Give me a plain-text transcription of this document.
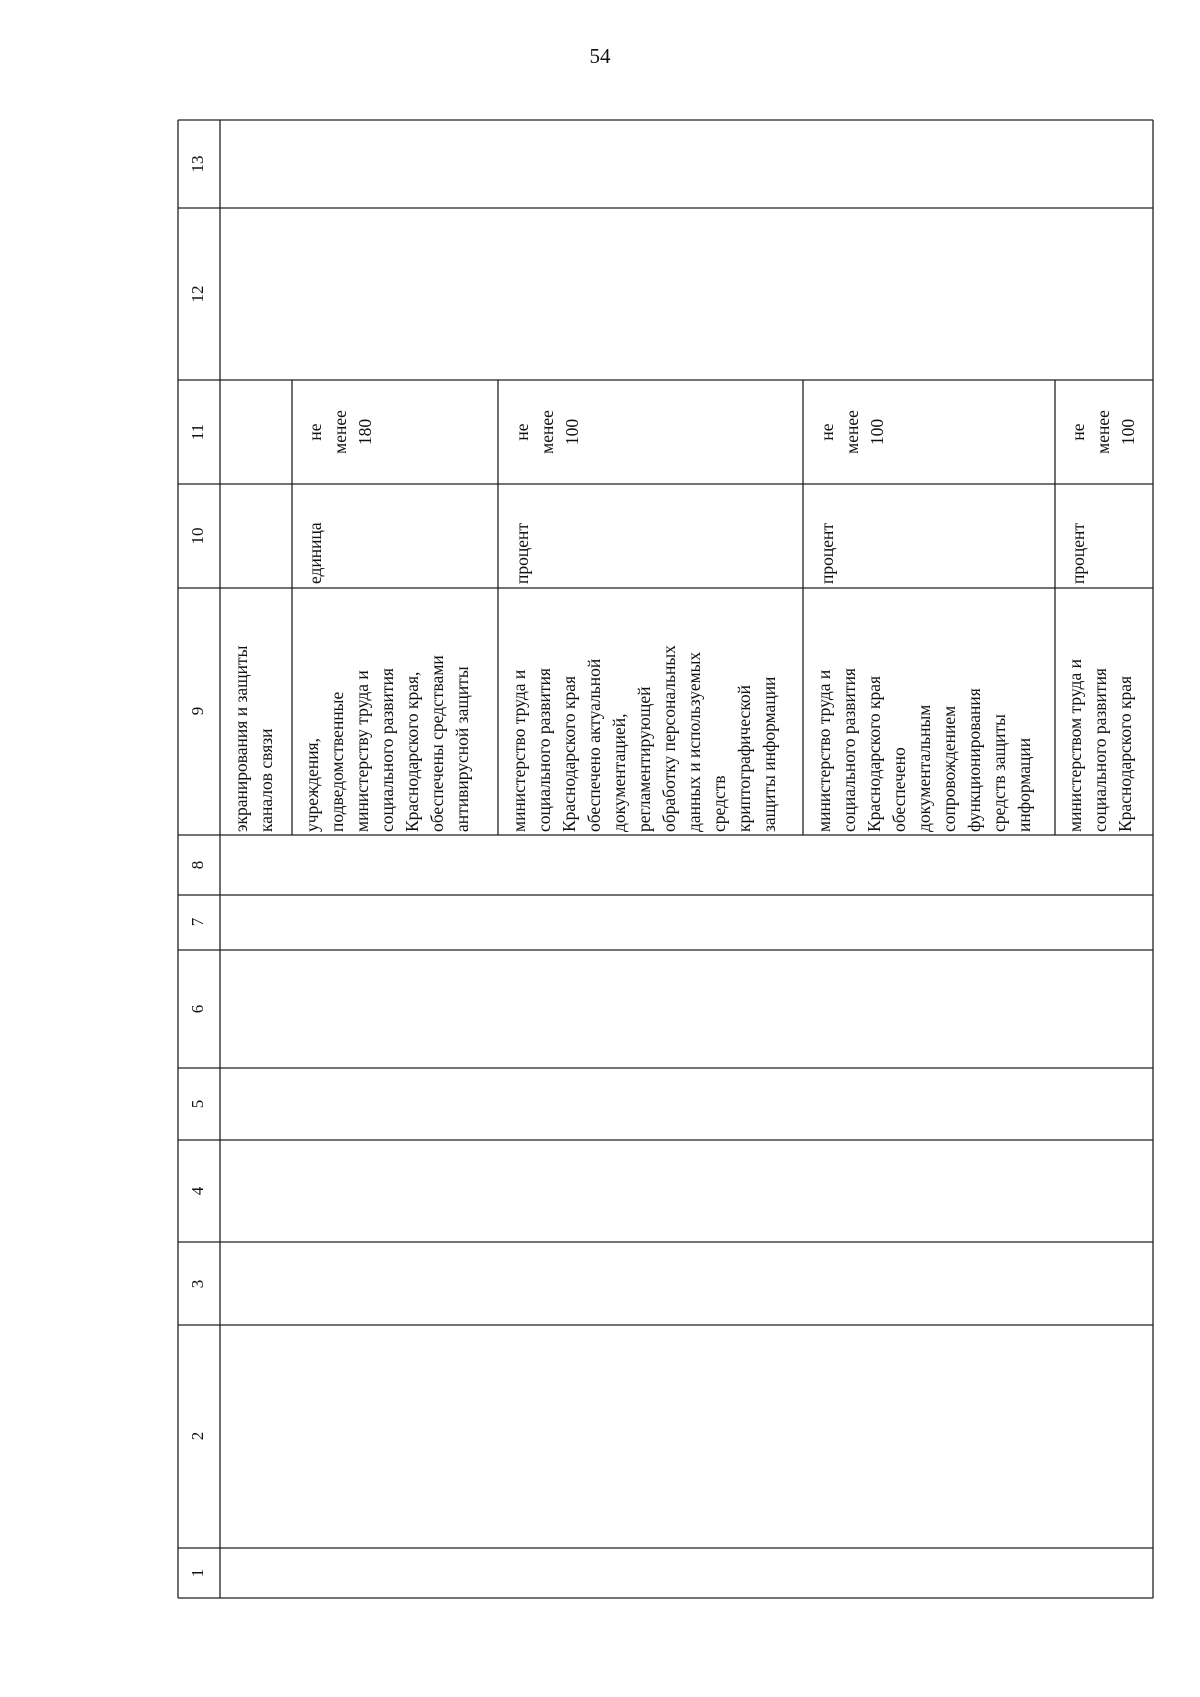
54
13
12
11
10
9
8
7
6
5
4
3
2
1
экранирования и защиты каналов связи учреждения, подведомственные министерству труда и социального развития Краснодарского края, обеспечены средствами антивирусной защиты
единица
не менее 180
министерство труда и социального развития Краснодарского края обеспечено актуальной документацией, регламентирующей обработку персональных данных и используемых средств криптографической защиты информации
процент
не менее 100
министерство труда и социального развития Краснодарского края обеспечено документальным сопровождением функционирования средств защиты информации
процент
не менее 100
министерством труда и социального развития Краснодарского края
процент
не менее 100
